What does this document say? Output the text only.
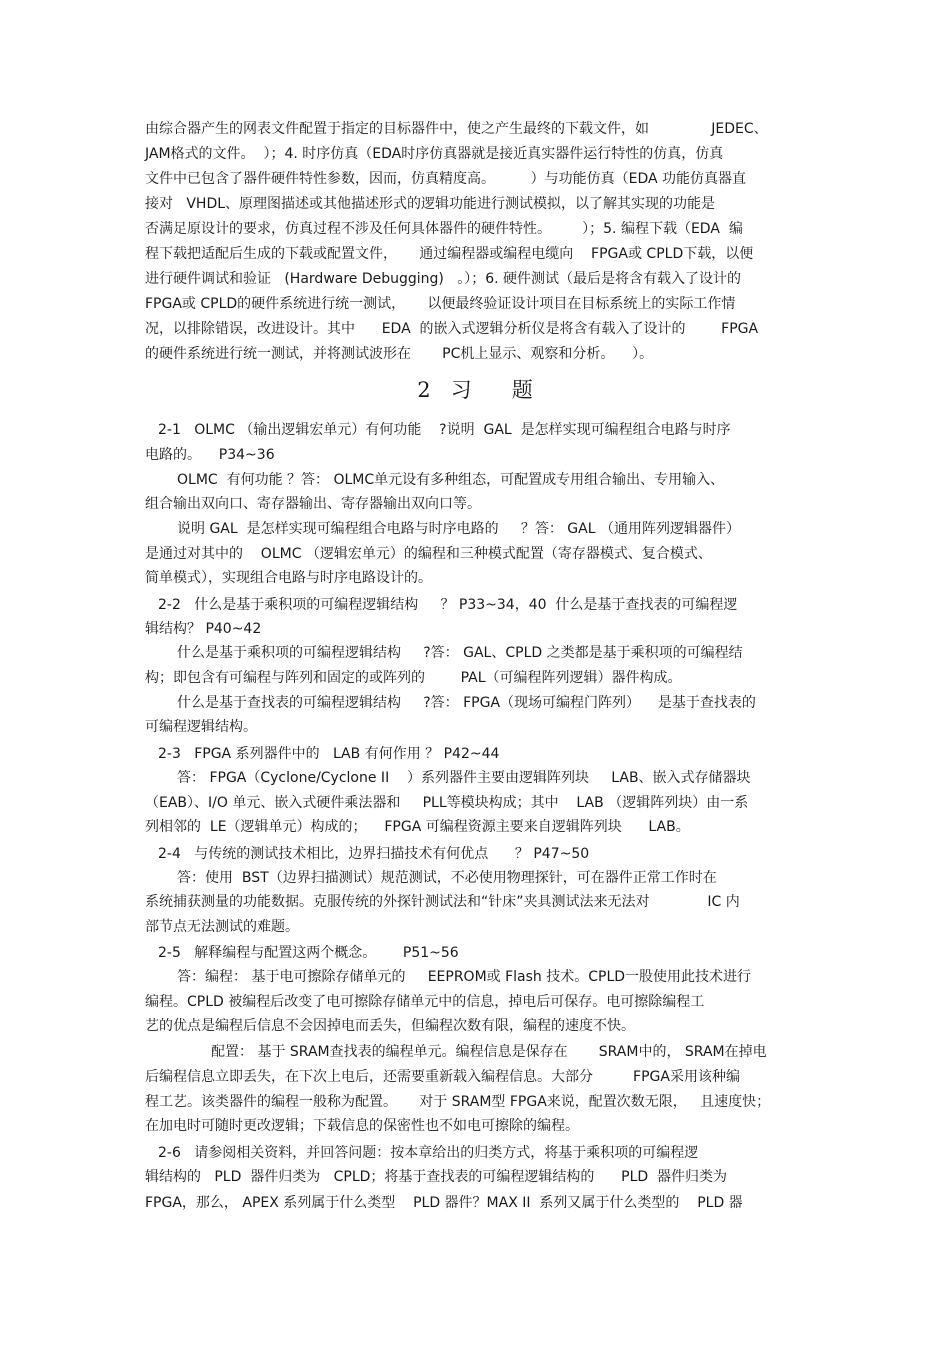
由综合器产生的网表文件配置于指定的目标器件中，使之产生最终的下载文件，如              JEDEC、
JAM格式的文件。  ）；4. 时序仿真（EDA时序仿真器就是接近真实器件运行特性的仿真，仿真
文件中已包含了器件硬件特性参数，因而，仿真精度高。        ）与功能仿真（EDA 功能仿真器直
接对   VHDL、原理图描述或其他描述形式的逻辑功能进行测试模拟，以了解其实现的功能是
否满足原设计的要求，仿真过程不涉及任何具体器件的硬件特性。       ）；5. 编程下载（EDA  编
程下载把适配后生成的下载或配置文件，     通过编程器或编程电缆向    FPGA或 CPLD下载，以便
进行硬件调试和验证   (Hardware Debugging)   。）；6. 硬件测试（最后是将含有载入了设计的
FPGA或 CPLD的硬件系统进行统一测试，     以便最终验证设计项目在目标系统上的实际工作情
况，以排除错误，改进设计。其中      EDA  的嵌入式逻辑分析仪是将含有载入了设计的        FPGA
的硬件系统进行统一测试，并将测试波形在       PC机上显示、观察和分析。    ）。
2   习      题
2-1   OLMC （输出逻辑宏单元）有何功能    ?说明  GAL  是怎样实现可编程组合电路与时序
电路的。    P34~36
OLMC  有何功能 ？答： OLMC单元设有多种组态，可配置成专用组合输出、专用输入、
组合输出双向口、寄存器输出、寄存器输出双向口等。
说明 GAL  是怎样实现可编程组合电路与时序电路的     ？答： GAL （通用阵列逻辑器件）
是通过对其中的    OLMC （逻辑宏单元）的编程和三种模式配置（寄存器模式、复合模式、
简单模式），实现组合电路与时序电路设计的。
2-2   什么是基于乘积项的可编程逻辑结构     ？ P33~34，40  什么是基于查找表的可编程逻
辑结构？ P40~42
什么是基于乘积项的可编程逻辑结构     ?答： GAL、CPLD 之类都是基于乘积项的可编程结
构；即包含有可编程与阵列和固定的或阵列的        PAL（可编程阵列逻辑）器件构成。
什么是基于查找表的可编程逻辑结构     ?答： FPGA（现场可编程门阵列）    是基于查找表的
可编程逻辑结构。
2-3   FPGA 系列器件中的   LAB 有何作用 ？ P42~44
答： FPGA（Cyclone/Cyclone II    ）系列器件主要由逻辑阵列块     LAB、嵌入式存储器块
（EAB）、I/O 单元、嵌入式硬件乘法器和     PLL等模块构成；其中    LAB （逻辑阵列块）由一系
列相邻的  LE（逻辑单元）构成的；    FPGA 可编程资源主要来自逻辑阵列块      LAB。
2-4   与传统的测试技术相比，边界扫描技术有何优点      ？ P47~50
答：使用  BST（边界扫描测试）规范测试，不必使用物理探针，可在器件正常工作时在
系统捕获测量的功能数据。克服传统的外探针测试法和“针床”夹具测试法来无法对             IC 内
部节点无法测试的难题。
2-5   解释编程与配置这两个概念。      P51~56
答：编程： 基于电可擦除存储单元的     EEPROM或 Flash 技术。CPLD一股使用此技术进行
编程。CPLD 被编程后改变了电可擦除存储单元中的信息，掉电后可保存。电可擦除编程工
艺的优点是编程后信息不会因掉电而丢失，但编程次数有限，编程的速度不快。
配置： 基于 SRAM查找表的编程单元。编程信息是保存在       SRAM中的， SRAM在掉电
后编程信息立即丢失，在下次上电后，还需要重新载入编程信息。大部分         FPGA采用该种编
程工艺。该类器件的编程一般称为配置。     对于 SRAM型 FPGA来说，配置次数无限，   且速度快；
在加电时可随时更改逻辑；下载信息的保密性也不如电可擦除的编程。
2-6   请参阅相关资料，并回答问题：按本章给出的归类方式，将基于乘积项的可编程逻
辑结构的   PLD  器件归类为   CPLD；将基于查找表的可编程逻辑结构的      PLD  器件归类为
FPGA，那么， APEX 系列属于什么类型    PLD 器件？MAX II  系列又属于什么类型的    PLD 器
